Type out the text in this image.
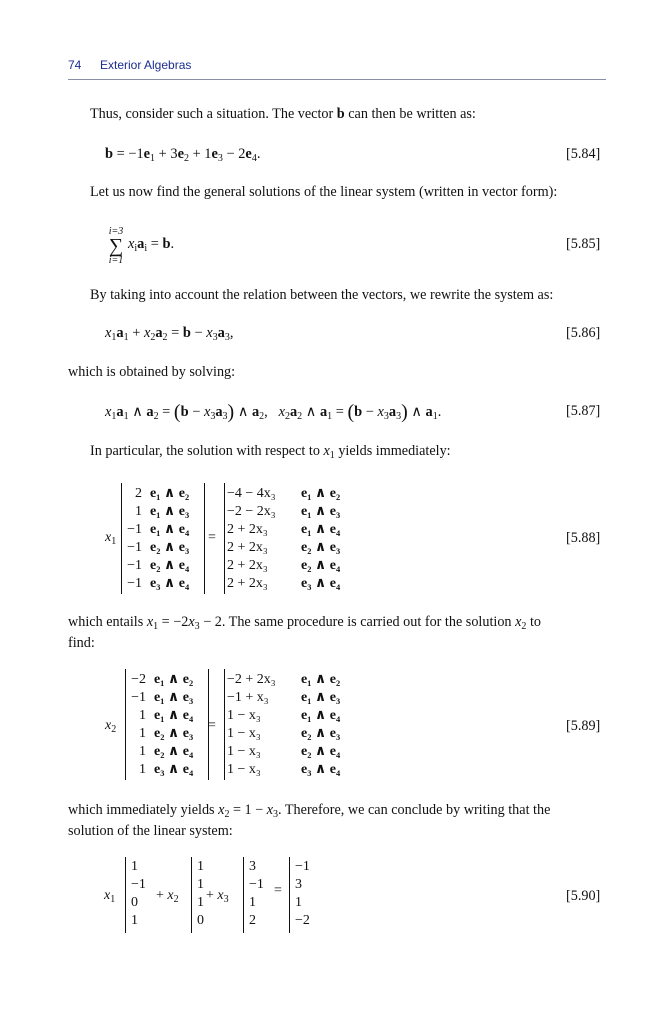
74 Exterior Algebras
Thus, consider such a situation. The vector b can then be written as:
$b = -1e_1 + 3e_2 + 1e_3 - 2e_4$.	[5.84]
Let us now find the general solutions of the linear system (written in vector form):
i=3
∑
i=1
$x_ia_i = b$.	[5.85]
By taking into account the relation between the vectors, we rewrite the system as:
$x_1a_1 + x_2a_2 = b - x_3a_3$,	[5.86]
which is obtained by solving:
$x_1a_1$ ∧ $a_2 = (b - x_3a_3)$ ∧ $a_2$, $x_2a_2$ ∧ $a_1 = (b - x_3a_3)$ ∧ $a_1$.	[5.87]
In particular, the solution with respect to $x_1$ yields immediately:
$x_1$
2 e₁ ∧ e₂
1 e₁ ∧ e₃
−1 e₁ ∧ e₄
−1 e₂ ∧ e₃
−1 e₂ ∧ e₄
−1 e₃ ∧ e₄
=
−4 − 4x₃	e₁ ∧ e₂
−2 − 2x₃	e₁ ∧ e₃
2 + 2x₃	e₁ ∧ e₄
2 + 2x₃	e₂ ∧ e₃
2 + 2x₃	e₂ ∧ e₄
2 + 2x₃	e₃ ∧ e₄
[5.88]
which entails $x_1 = -2x_3 - 2$. The same procedure is carried out for the solution $x_2$ to
find:
$x_2$
−2 e₁ ∧ e₂
−1 e₁ ∧ e₃
1 e₁ ∧ e₄
1 e₂ ∧ e₃
1 e₂ ∧ e₄
1 e₃ ∧ e₄
=
−2 + 2x₃	e₁ ∧ e₂
−1 + x₃	e₁ ∧ e₃
1 − x₃	e₁ ∧ e₄
1 − x₃	e₂ ∧ e₃
1 − x₃	e₂ ∧ e₄
1 − x₃	e₃ ∧ e₄
[5.89]
which immediately yields $x_2 = 1 - x_3$. Therefore, we can conclude by writing that the
solution of the linear system:
$x_1$
1
−1
0
1
+ $x_2$
1
1
1
0
+ $x_3$
3
−1
1
2
=
−1
3
1
−2
[5.90]
